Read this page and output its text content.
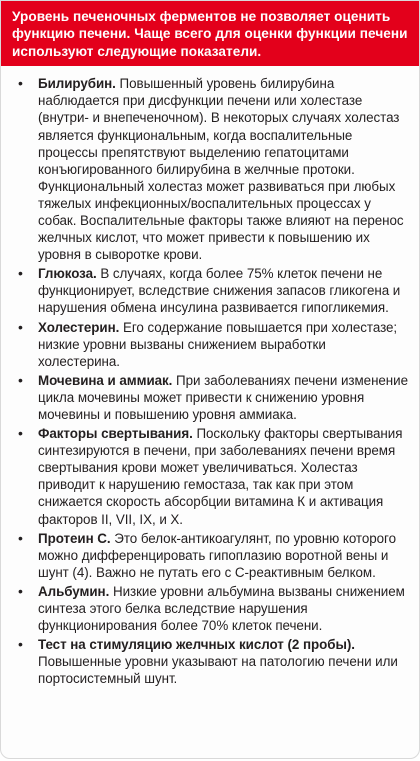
Уровень печеночных ферментов не позволяет оценить функцию печени. Чаще всего для оценки функции печени используют следующие показатели.
• Билирубин. Повышенный уровень билирубина наблюдается при дисфункции печени или холестазе (внутри- и внепеченочном). В некоторых случаях холестаз является функциональным, когда воспалительные процессы препятствуют выделению гепатоцитами конъюгированного билирубина в желчные протоки. Функциональный холестаз может развиваться при любых тяжелых инфекционных/воспалительных процессах у собак. Воспалительные факторы также влияют на перенос желчных кислот, что может привести к повышению их уровня в сыворотке крови.
• Глюкоза. В случаях, когда более 75% клеток печени не функционирует, вследствие снижения запасов гликогена и нарушения обмена инсулина развивается гипогликемия.
• Холестерин. Его содержание повышается при холестазе; низкие уровни вызваны снижением выработки холестерина.
• Мочевина и аммиак. При заболеваниях печени изменение цикла мочевины может привести к снижению уровня мочевины и повышению уровня аммиака.
• Факторы свертывания. Поскольку факторы свертывания синтезируются в печени, при заболеваниях печени время свертывания крови может увеличиваться. Холестаз приводит к нарушению гемостаза, так как при этом снижается скорость абсорбции витамина К и активация факторов II, VII, IX, и X.
• Протеин С. Это белок-антикоагулянт, по уровню которого можно дифференцировать гипоплазию воротной вены и шунт (4). Важно не путать его с С-реактивным белком.
• Альбумин. Низкие уровни альбумина вызваны снижением синтеза этого белка вследствие нарушения функционирования более 70% клеток печени.
• Тест на стимуляцию желчных кислот (2 пробы). Повышенные уровни указывают на патологию печени или портосистемный шунт.
